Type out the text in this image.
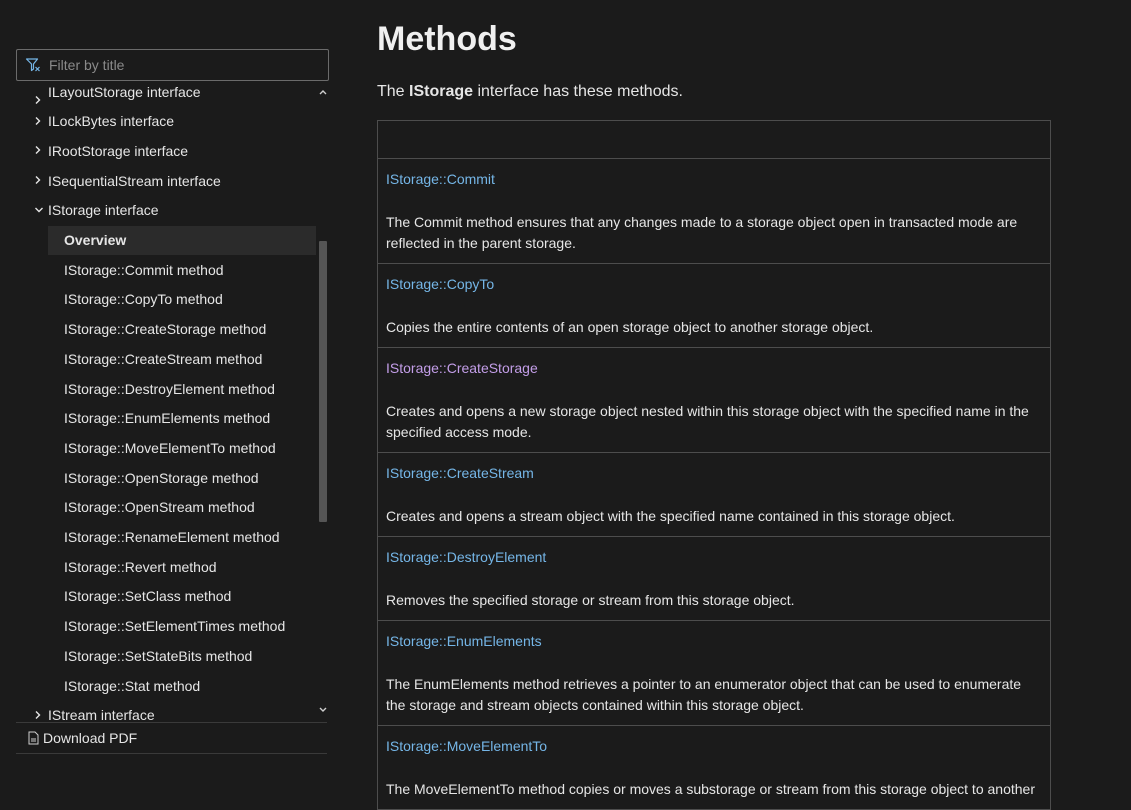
Filter by title
ILayoutStorage interface
ILockBytes interface
IRootStorage interface
ISequentialStream interface
IStorage interface
Overview
IStorage::Commit method
IStorage::CopyTo method
IStorage::CreateStorage method
IStorage::CreateStream method
IStorage::DestroyElement method
IStorage::EnumElements method
IStorage::MoveElementTo method
IStorage::OpenStorage method
IStorage::OpenStream method
IStorage::RenameElement method
IStorage::Revert method
IStorage::SetClass method
IStorage::SetElementTimes method
IStorage::SetStateBits method
IStorage::Stat method
IStream interface
Download PDF
Methods

The IStorage interface has these methods.

IStorage::Commit
The Commit method ensures that any changes made to a storage object open in transacted mode are reflected in the parent storage.

IStorage::CopyTo
Copies the entire contents of an open storage object to another storage object.

IStorage::CreateStorage
Creates and opens a new storage object nested within this storage object with the specified name in the specified access mode.

IStorage::CreateStream
Creates and opens a stream object with the specified name contained in this storage object.

IStorage::DestroyElement
Removes the specified storage or stream from this storage object.

IStorage::EnumElements
The EnumElements method retrieves a pointer to an enumerator object that can be used to enumerate the storage and stream objects contained within this storage object.

IStorage::MoveElementTo
The MoveElementTo method copies or moves a substorage or stream from this storage object to another
